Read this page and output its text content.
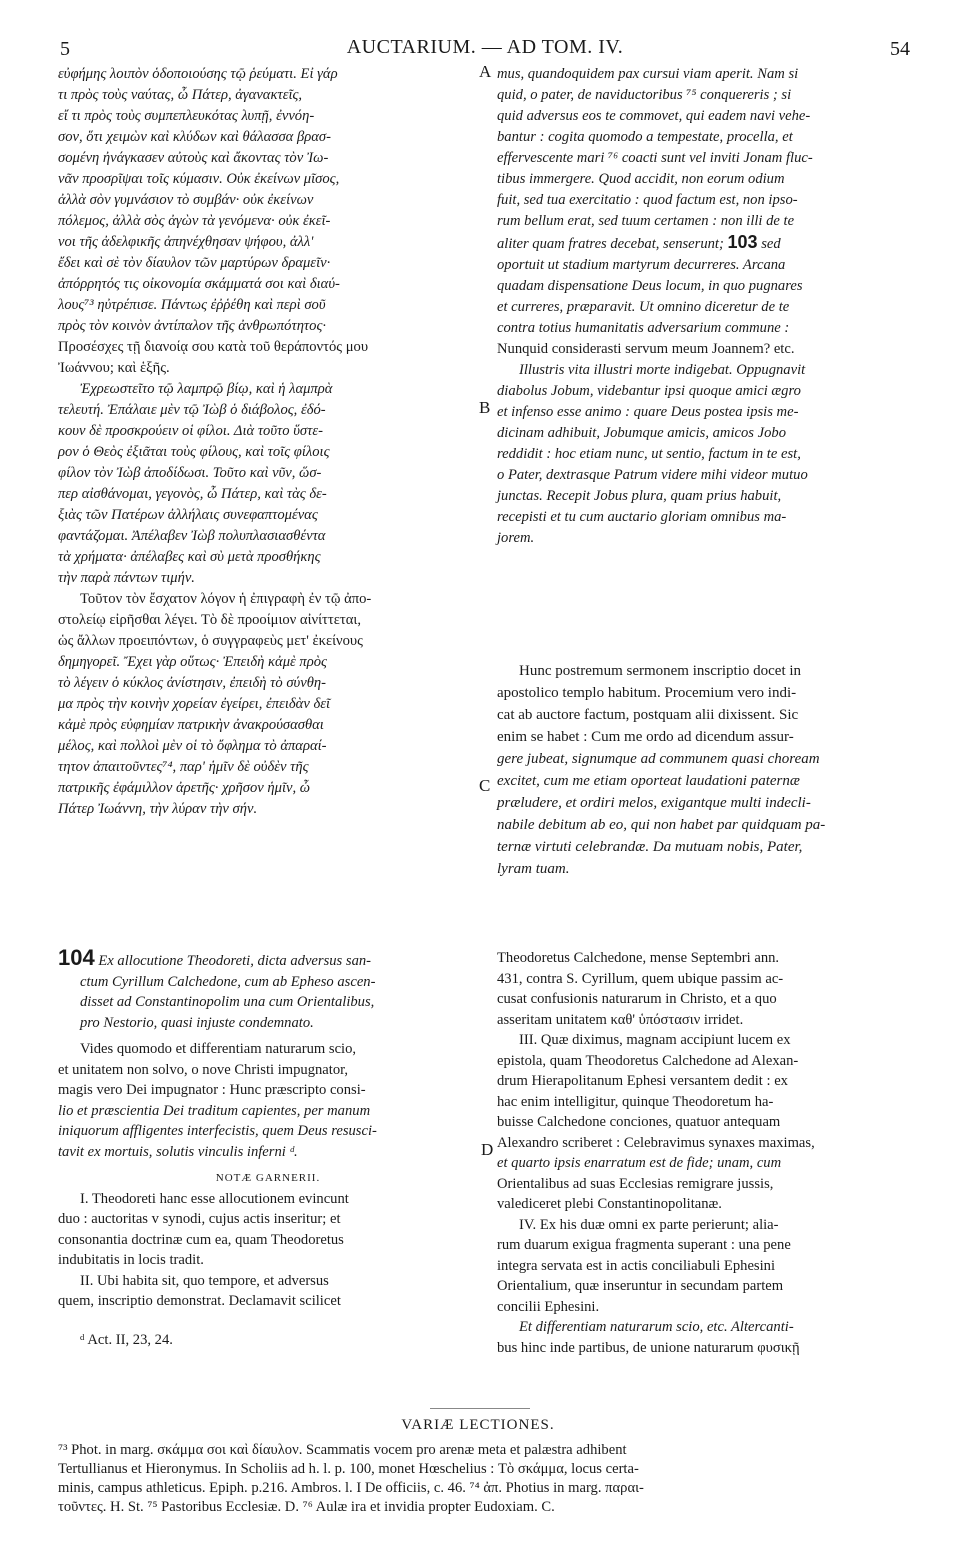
5	AUCTARIUM. — AD TOM. IV.	54

εὐφήμης λοιπὸν ὁδοποιούσης τῷ ῥεύματι. Εἰ γάρ

τι πρὸς τοὺς ναύτας, ὦ Πάτερ, ἀγανακτεῖς,

εἴ τι πρὸς τοὺς συμπεπλευκότας λυπῇ, ἐννόη-

σον, ὅτι χειμὼν καὶ κλύδων καὶ θάλασσα βρασ-

σομένη ἠνάγκασεν αὐτοὺς καὶ ἄκοντας τὸν Ἰω-

νᾶν προσρῖψαι τοῖς κύμασιν. Οὐκ ἐκείνων μῖσος,

ἀλλὰ σὸν γυμνάσιον τὸ συμβάν· οὐκ ἐκείνων

πόλεμος, ἀλλὰ σὸς ἀγὼν τὰ γενόμενα· οὐκ ἐκεῖ-

νοι τῆς ἀδελφικῆς ἀπηνέχθησαν ψήφου, ἀλλ'

ἔδει καὶ σὲ τὸν δίαυλον τῶν μαρτύρων δραμεῖν·

ἀπόρρητός τις οἰκονομία σκάμματά σοι καὶ διαύ-

λους⁷³ ηὐτρέπισε. Πάντως ἐῤῥέθη καὶ περὶ σοῦ

πρὸς τὸν κοινὸν ἀντίπαλον τῆς ἀνθρωπότητος·

Προσέσχες τῇ διανοίᾳ σου κατὰ τοῦ θεράποντός μου

Ἰωάννου; καὶ ἑξῆς.

Ἐχρεωστεῖτο τῷ λαμπρῷ βίῳ, καὶ ἡ λαμπρὰ

τελευτή. Ἐπάλαιε μὲν τῷ Ἰὼβ ὁ διάβολος, ἐδό-

κουν δὲ προσκρούειν οἱ φίλοι. Διὰ τοῦτο ὕστε-

ρον ὁ Θεὸς ἐξιᾶται τοὺς φίλους, καὶ τοῖς φίλοις

φίλον τὸν Ἰὼβ ἀποδίδωσι. Τοῦτο καὶ νῦν, ὥσ-

περ αἰσθάνομαι, γεγονὸς, ὦ Πάτερ, καὶ τὰς δε-

ξιὰς τῶν Πατέρων ἀλλήλαις συνεφαπτομένας

φαντάζομαι. Ἀπέλαβεν Ἰὼβ πολυπλασιασθέντα

τὰ χρήματα· ἀπέλαβες καὶ σὺ μετὰ προσθήκης

τὴν παρὰ πάντων τιμήν.

Τοῦτον τὸν ἔσχατον λόγον ἡ ἐπιγραφὴ ἐν τῷ ἀπο-

στολείῳ εἰρῆσθαι λέγει. Τὸ δὲ προοίμιον αἰνίττεται,

ὡς ἄλλων προειπόντων, ὁ συγγραφεὺς μετ' ἐκείνους

δημηγορεῖ. Ἔχει γὰρ οὕτως· Ἐπειδὴ κἀμὲ πρὸς

τὸ λέγειν ὁ κύκλος ἀνίστησιν, ἐπειδὴ τὸ σύνθη-

μα πρὸς τὴν κοινὴν χορείαν ἐγείρει, ἐπειδὰν δεῖ

κἀμὲ πρὸς εὐφημίαν πατρικὴν ἀνακρούσασθαι

μέλος, καὶ πολλοὶ μὲν οἱ τὸ ὄφλημα τὸ ἀπαραί-

τητον ἀπαιτοῦντες⁷⁴, παρ' ἡμῖν δὲ οὐδὲν τῆς

πατρικῆς ἐφάμιλλον ἀρετῆς· χρῆσον ἡμῖν, ὦ

Πάτερ Ἰωάννη, τὴν λύραν τὴν σήν.

A
B
C
D

mus, quandoquidem pax cursui viam aperit. Nam si

quid, o pater, de naviductoribus ⁷⁵ conquereris ; si

quid adversus eos te commovet, qui eadem navi vehe-

bantur : cogita quomodo a tempestate, procella, et

effervescente mari ⁷⁶ coacti sunt vel inviti Jonam fluc-

tibus immergere. Quod accidit, non eorum odium

fuit, sed tua exercitatio : quod factum est, non ipso-

rum bellum erat, sed tuum certamen : non illi de te

aliter quam fratres decebat, senserunt; 103 sed

oportuit ut stadium martyrum decurreres. Arcana

quadam dispensatione Deus locum, in quo pugnares

et curreres, præparavit. Ut omnino diceretur de te

contra totius humanitatis adversarium commune :

Nunquid considerasti servum meum Joannem? etc.

Illustris vita illustri morte indigebat. Oppugnavit

diabolus Jobum, videbantur ipsi quoque amici ægro

et infenso esse animo : quare Deus postea ipsis me-

dicinam adhibuit, Jobumque amicis, amicos Jobo

reddidit : hoc etiam nunc, ut sentio, factum in te est,

o Pater, dextrasque Patrum videre mihi videor mutuo

junctas. Recepit Jobus plura, quam prius habuit,

recepisti et tu cum auctario gloriam omnibus ma-

jorem.

Hunc postremum sermonem inscriptio docet in

apostolico templo habitum. Procemium vero indi-

cat ab auctore factum, postquam alii dixissent. Sic

enim se habet : Cum me ordo ad dicendum assur-

gere jubeat, signumque ad communem quasi choream

excitet, cum me etiam oporteat laudationi paternæ

præludere, et ordiri melos, exigantque multi indecli-

nabile debitum ab eo, qui non habet par quidquam pa-

ternæ virtuti celebrandæ. Da mutuam nobis, Pater,

lyram tuam.

104 Ex allocutione Theodoreti, dicta adversus san-

ctum Cyrillum Calchedone, cum ab Epheso ascen-

disset ad Constantinopolim una cum Orientalibus,

pro Nestorio, quasi injuste condemnato.

Vides quomodo et differentiam naturarum scio,

et unitatem non solvo, o nove Christi impugnator,

magis vero Dei impugnator : Hunc præscripto consi-

lio et præscientia Dei traditum capientes, per manum

iniquorum affligentes interfecistis, quem Deus resusci-

tavit ex mortuis, solutis vinculis inferni ᵈ.

NOTÆ GARNERII.

I. Theodoreti hanc esse allocutionem evincunt

duo : auctoritas v synodi, cujus actis inseritur; et

consonantia doctrinæ cum ea, quam Theodoretus

indubitatis in locis tradit.

II. Ubi habita sit, quo tempore, et adversus

quem, inscriptio demonstrat. Declamavit scilicet

ᵈ Act. II, 23, 24.

Theodoretus Calchedone, mense Septembri ann.

431, contra S. Cyrillum, quem ubique passim ac-

cusat confusionis naturarum in Christo, et a quo

asseritam unitatem καθ' ὑπόστασιν irridet.

III. Quæ diximus, magnam accipiunt lucem ex

epistola, quam Theodoretus Calchedone ad Alexan-

drum Hierapolitanum Ephesi versantem dedit : ex

hac enim intelligitur, quinque Theodoretum ha-

buisse Calchedone conciones, quatuor antequam

Alexandro scriberet : Celebravimus synaxes maximas,

et quarto ipsis enarratum est de fide; unam, cum

Orientalibus ad suas Ecclesias remigrare jussis,

valediceret plebi Constantinopolitanæ.

IV. Ex his duæ omni ex parte perierunt; alia-

rum duarum exigua fragmenta superant : una pene

integra servata est in actis conciliabuli Ephesini

Orientalium, quæ inseruntur in secundam partem

concilii Ephesini.

Et differentiam naturarum scio, etc. Altercanti-

bus hinc inde partibus, de unione naturarum φυσικῇ

VARIÆ LECTIONES.

⁷³ Phot. in marg. σκάμμα σοι καὶ δίαυλον. Scammatis vocem pro arenæ meta et palæstra adhibent

Tertullianus et Hieronymus. In Scholiis ad h. l. p. 100, monet Hœschelius : Τὸ σκάμμα, locus certa-

minis, campus athleticus. Epiph. p.216. Ambros. l. I De officiis, c. 46. ⁷⁴ ἀπ. Photius in marg. παραι-

τοῦντες. H. St. ⁷⁵ Pastoribus Ecclesiæ. D. ⁷⁶ Aulæ ira et invidia propter Eudoxiam. C.
